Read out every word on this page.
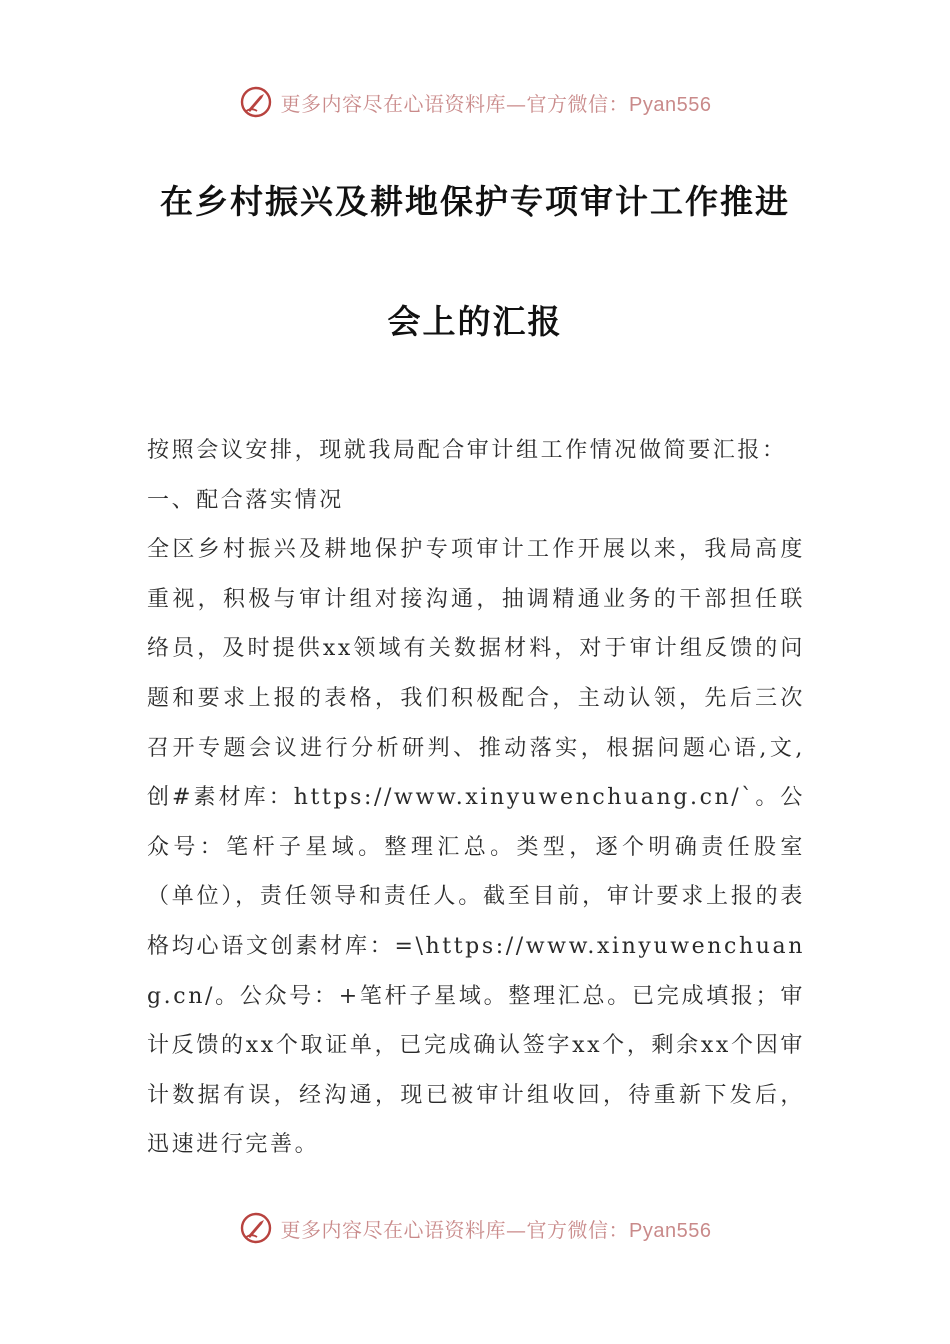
更多内容尽在心语资料库—官方微信：Pyan556
在乡村振兴及耕地保护专项审计工作推进
会上的汇报

按照会议安排，现就我局配合审计组工作情况做简要汇报：

一、配合落实情况

全区乡村振兴及耕地保护专项审计工作开展以来，我局高度重视，积极与审计组对接沟通，抽调精通业务的干部担任联络员，及时提供xx领域有关数据材料，对于审计组反馈的问题和要求上报的表格，我们积极配合，主动认领，先后三次召开专题会议进行分析研判、推动落实，根据问题心语,文,创#素材库：https://www.xinyuwenchuang.cn/`。公众号：笔杆子星域。整理汇总。类型，逐个明确责任股室（单位），责任领导和责任人。截至目前，审计要求上报的表格均心语文创素材库：=\https://www.xinyuwenchuang.cn/。公众号：+笔杆子星域。整理汇总。已完成填报；审计反馈的xx个取证单，已完成确认签字xx个，剩余xx个因审计数据有误，经沟通，现已被审计组收回，待重新下发后，迅速进行完善。

更多内容尽在心语资料库—官方微信：Pyan556
